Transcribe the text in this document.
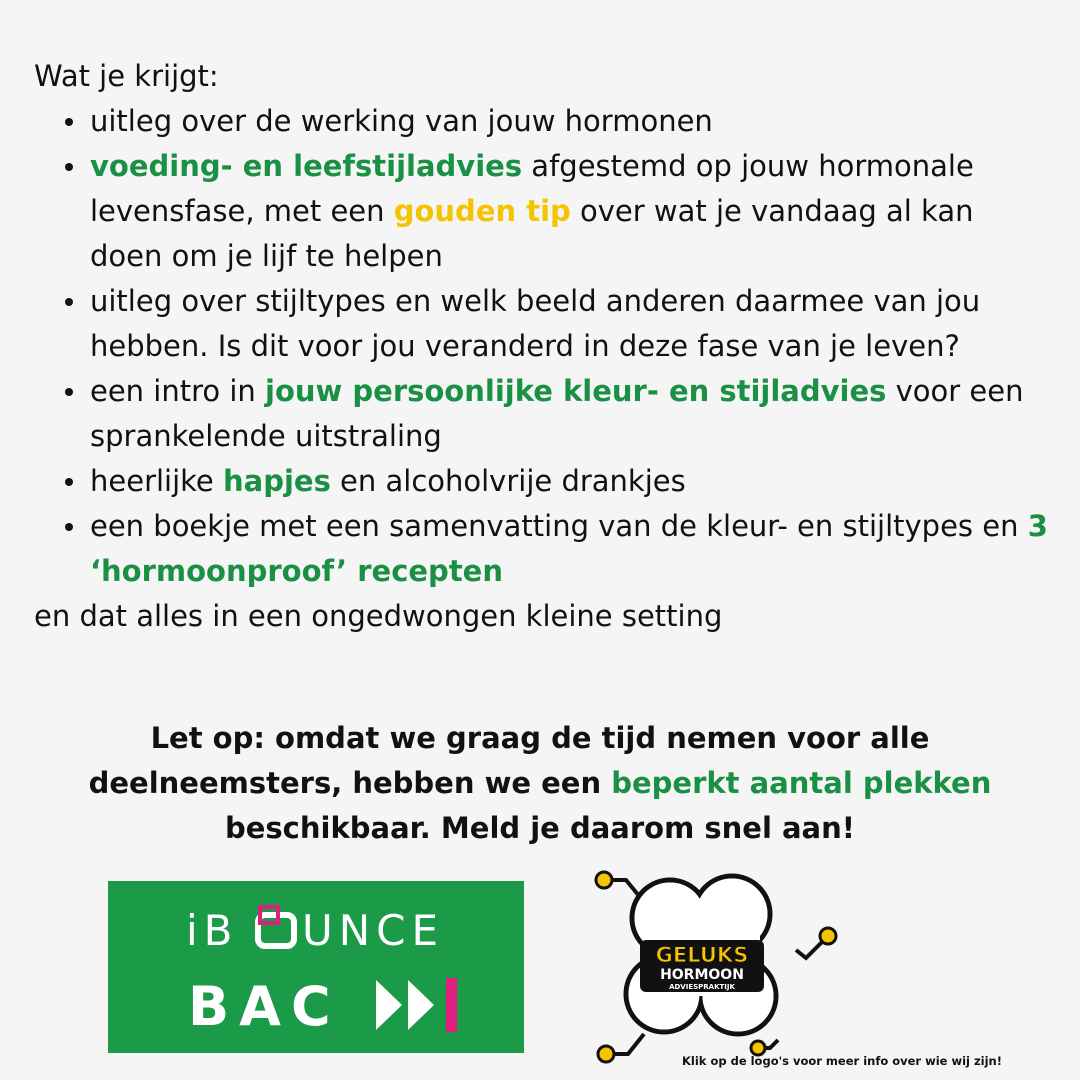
Wat je krijgt:

uitleg over de werking van jouw hormonen
voeding- en leefstijladvies afgestemd op jouw hormonale levensfase, met een gouden tip over wat je vandaag al kan doen om je lijf te helpen
uitleg over stijltypes en welk beeld anderen daarmee van jou hebben. Is dit voor jou veranderd in deze fase van je leven?
een intro in jouw persoonlijke kleur- en stijladvies voor een sprankelende uitstraling
heerlijke hapjes en alcoholvrije drankjes
een boekje met een samenvatting van de kleur- en stijltypes en 3 ‘hormoonproof’ recepten

en dat alles in een ongedwongen kleine setting

Let op: omdat we graag de tijd nemen voor alle deelneemsters, hebben we een beperkt aantal plekken beschikbaar. Meld je daarom snel aan!
iB UNCE
BAC
GELUKS
HORMOON
ADVIESPRAKTIJK
Klik op de logo's voor meer info over wie wij zijn!
